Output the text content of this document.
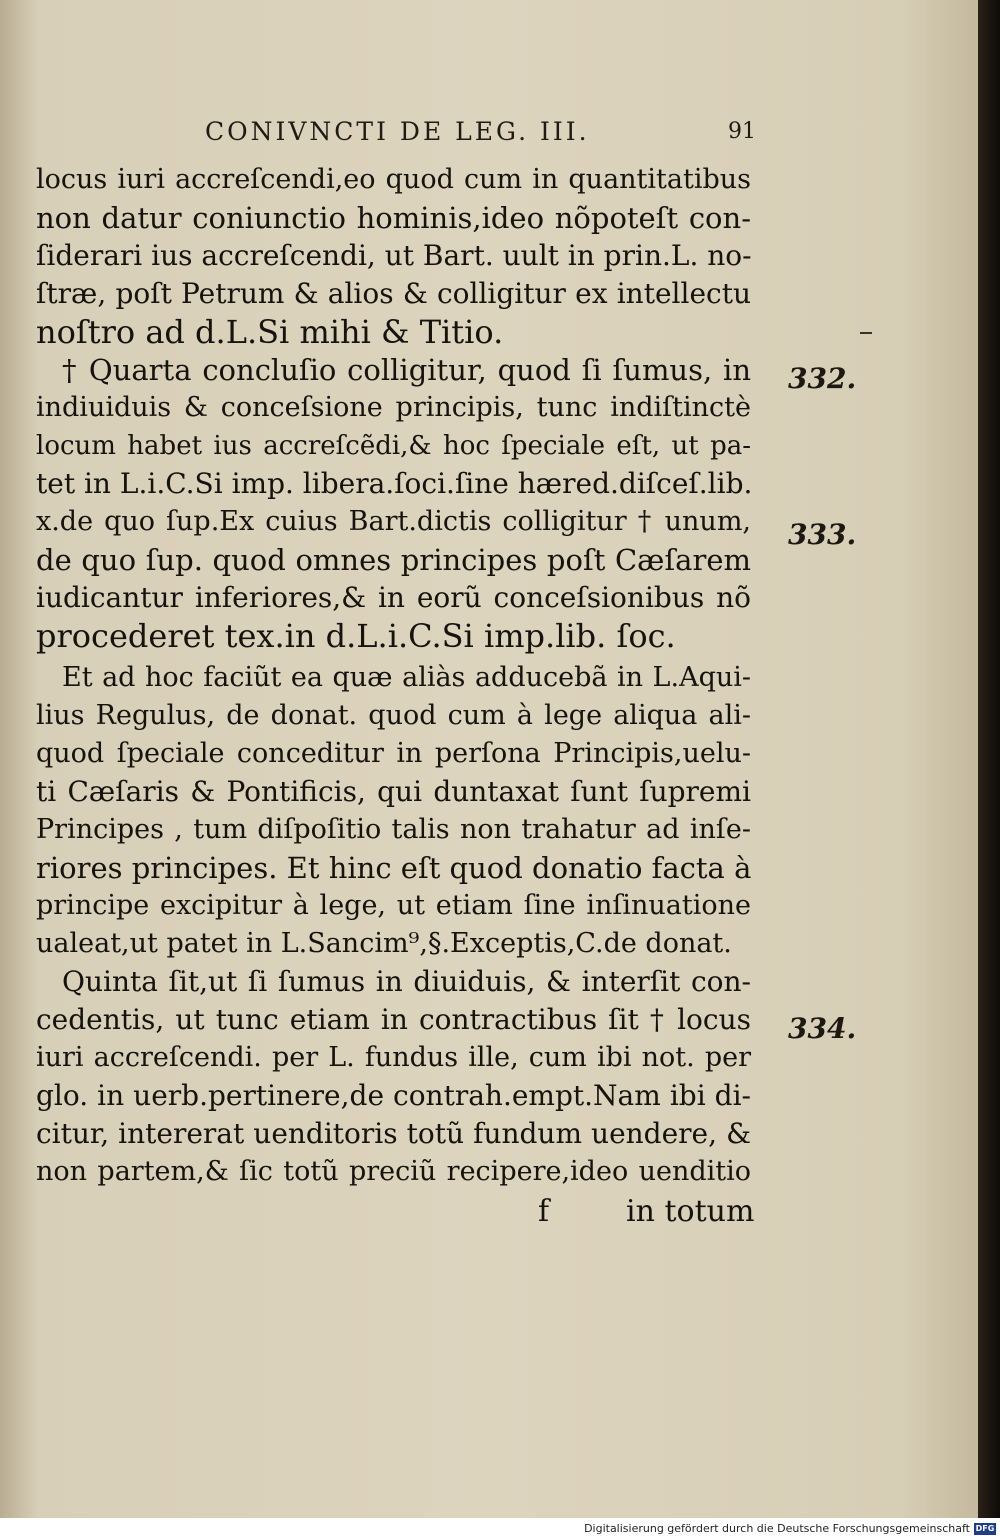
CONIVNCTI DE LEG. III.	91
locus iuri accreſcendi,eo quod cum in quantitatibus
non datur coniunctio hominis,ideo nõpoteſt con-
ſiderari ius accreſcendi, ut Bart. uult in prin.L. no-
ſtræ, poſt Petrum & alios & colligitur ex intellectu
noſtro ad d.L.Si mihi & Titio.
† Quarta concluſio colligitur, quod ſi ſumus, in
indiuiduis & conceſsione principis, tunc indiſtinctè
locum habet ius accreſcẽdi,& hoc ſpeciale eſt, ut pa-
tet in L.i.C.Si imp. libera.ſoci.ſine hæred.diſceſ.lib.
x.de quo ſup.Ex cuius Bart.dictis colligitur † unum,
de quo ſup. quod omnes principes poſt Cæſarem
iudicantur inferiores,& in eorũ conceſsionibus nõ
procederet tex.in d.L.i.C.Si imp.lib. ſoc.
Et ad hoc faciũt ea quæ aliàs adducebã in L.Aqui-
lius Regulus, de donat. quod cum à lege aliqua ali-
quod ſpeciale conceditur in perſona Principis,uelu-
ti Cæſaris & Pontificis, qui duntaxat ſunt ſupremi
Principes , tum diſpoſitio talis non trahatur ad inſe-
riores principes. Et hinc eſt quod donatio facta à
principe excipitur à lege, ut etiam ſine inſinuatione
ualeat,ut patet in L.Sancim⁹,§.Exceptis,C.de donat.
Quinta ſit,ut ſi ſumus in diuiduis, & interſit con-
cedentis, ut tunc etiam in contractibus ſit † locus
iuri accreſcendi. per L. fundus ille, cum ibi not. per
glo. in uerb.pertinere,de contrah.empt.Nam ibi di-
citur, intererat uenditoris totũ fundum uendere, &
non partem,& ſic totũ preciũ recipere,ideo uenditio
332.
333.
334.
f	in totum
Digitalisierung gefördert durch die Deutsche Forschungsgemeinschaft DFG
